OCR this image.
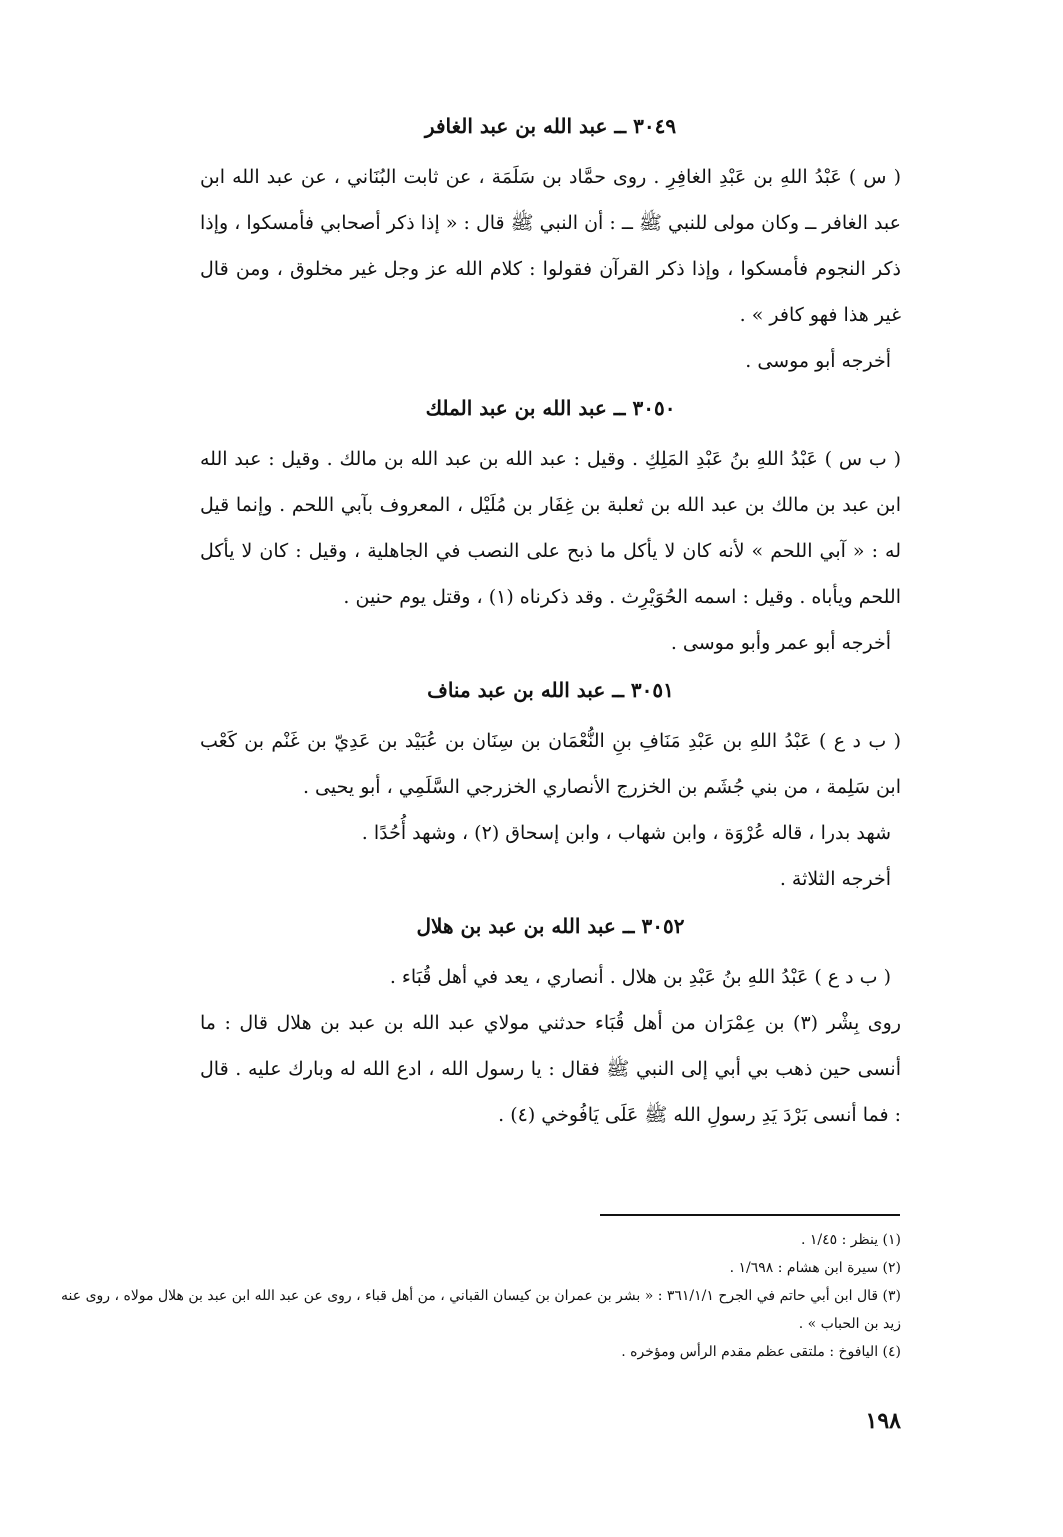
٣٠٤٩ ــ عبد الله بن عبد الغافر

( س ) عَبْدُ اللهِ بن عَبْدِ الغافِرِ . روى حمَّاد بن سَلَمَة ، عن ثابت البُنَاني ، عن عبد الله ابن عبد الغافر ــ وكان مولى للنبي ﷺ ــ : أن النبي ﷺ قال : « إذا ذكر أصحابي فأمسكوا ، وإذا ذكر النجوم فأمسكوا ، وإذا ذكر القرآن فقولوا : كلام الله عز وجل غير مخلوق ، ومن قال غير هذا فهو كافر » .

أخرجه أبو موسى .

٣٠٥٠ ــ عبد الله بن عبد الملك

( ب س ) عَبْدُ اللهِ بنُ عَبْدِ المَلِكِ . وقيل : عبد الله بن عبد الله بن مالك . وقيل : عبد الله ابن عبد بن مالك بن عبد الله بن ثعلبة بن غِفَار بن مُلَيْل ، المعروف بآبي اللحم . وإنما قيل له : « آبي اللحم » لأنه كان لا يأكل ما ذبح على النصب في الجاهلية ، وقيل : كان لا يأكل اللحم ويأباه . وقيل : اسمه الحُوَيْرِث . وقد ذكرناه (١) ، وقتل يوم حنين .

أخرجه أبو عمر وأبو موسى .

٣٠٥١ ــ عبد الله بن عبد مناف

( ب د ع ) عَبْدُ اللهِ بن عَبْدِ مَنَافِ بنِ النُّعْمَان بن سِنَان بن عُبَيْد بن عَدِيّ بن غَنْم بن كَعْب ابن سَلِمة ، من بني جُشَم بن الخزرج الأنصاري الخزرجي السَّلَمِي ، أبو يحيى .

شهد بدرا ، قاله عُرْوَة ، وابن شهاب ، وابن إسحاق (٢) ، وشهد أُحُدًا .

أخرجه الثلاثة .

٣٠٥٢ ــ عبد الله بن عبد بن هلال

( ب د ع ) عَبْدُ اللهِ بنُ عَبْدِ بن هلال . أنصاري ، يعد في أهل قُبَاء .

روى بِشْر (٣) بن عِمْرَان من أهل قُبَاء حدثني مولاي عبد الله بن عبد بن هلال قال : ما أنسى حين ذهب بي أبي إلى النبي ﷺ فقال : يا رسول الله ، ادع الله له وبارك عليه . قال : فما أنسى بَرْدَ يَدِ رسولِ الله ﷺ عَلَى يَافُوخي (٤) .

(١) ينظر : ١/٤٥ .

(٢) سيرة ابن هشام : ١/٦٩٨ .

(٣) قال ابن أبي حاتم في الجرح ٣٦١/١/١ : « بشر بن عمران بن كيسان القباني ، من أهل قباء ، روى عن عبد الله ابن عبد بن هلال مولاه ، روى عنه زيد بن الحباب » .

(٤) اليافوخ : ملتقى عظم مقدم الرأس ومؤخره .

١٩٨
